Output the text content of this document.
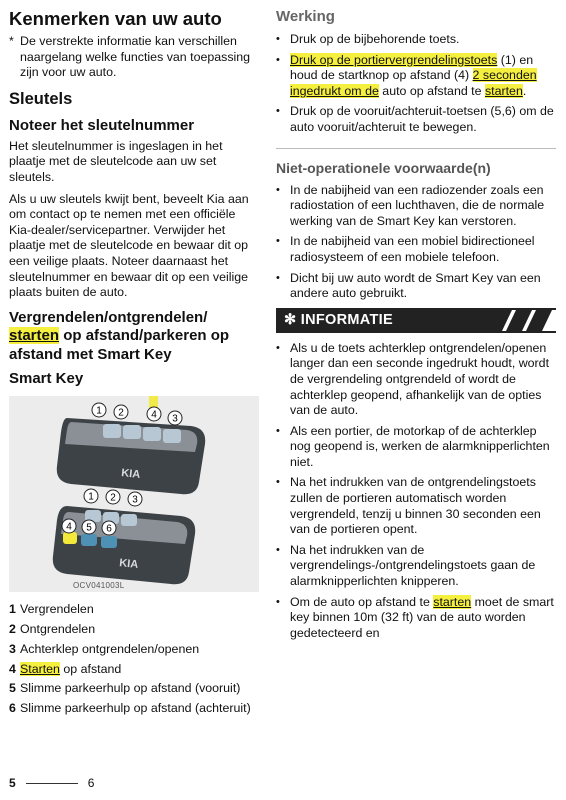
Kenmerken van uw auto
* De verstrekte informatie kan verschillen naargelang welke functies van toepassing zijn voor uw auto.
Sleutels
Noteer het sleutelnummer

Het sleutelnummer is ingeslagen in het plaatje met de sleutelcode aan uw set sleutels.

Als u uw sleutels kwijt bent, beveelt Kia aan om contact op te nemen met een officiële Kia-dealer/servicepartner. Verwijder het plaatje met de sleutelcode en bewaar dit op een veilige plaats. Noteer daarnaast het sleutelnummer en bewaar dit op een veilige plaats buiten de auto.

Vergrendelen/ontgrendelen/
starten op afstand/parkeren op afstand met Smart Key
Smart Key
KIA
1 2	4 3
KIA
1 2 3
4 5 6
OCV041003L
1 Vergrendelen
2 Ontgrendelen
3 Achterklep ontgrendelen/openen
4 Starten op afstand
5 Slimme parkeerhulp op afstand (vooruit)
6 Slimme parkeerhulp op afstand (achteruit)
Werking
• Druk op de bijbehorende toets.
• Druk op de portiervergrendelingstoets (1) en houd de startknop op afstand (4) 2 seconden ingedrukt om de auto op afstand te starten.
• Druk op de vooruit/achteruit-toetsen (5,6) om de auto vooruit/achteruit te bewegen.
Niet-operationele voorwaarde(n)
• In de nabijheid van een radiozender zoals een radiostation of een luchthaven, die de normale werking van de Smart Key kan verstoren.
• In de nabijheid van een mobiel bidirectioneel radiosysteem of een mobiele telefoon.
• Dicht bij uw auto wordt de Smart Key van een andere auto gebruikt.
✻ INFORMATIE
• Als u de toets achterklep ontgrendelen/openen langer dan een seconde ingedrukt houdt, wordt de vergrendeling ontgrendeld of wordt de achterklep geopend, afhankelijk van de opties van de auto.
• Als een portier, de motorkap of de achterklep nog geopend is, werken de alarmknipperlichten niet.
• Na het indrukken van de ontgrendelingstoets zullen de portieren automatisch worden vergrendeld, tenzij u binnen 30 seconden een van de portieren opent.
• Na het indrukken van de vergrendelings-/ontgrendelingstoets gaan de alarmknipperlichten knipperen.
• Om de auto op afstand te starten moet de smart key binnen 10m (32 ft) van de auto worden gedetecteerd en
5	6
